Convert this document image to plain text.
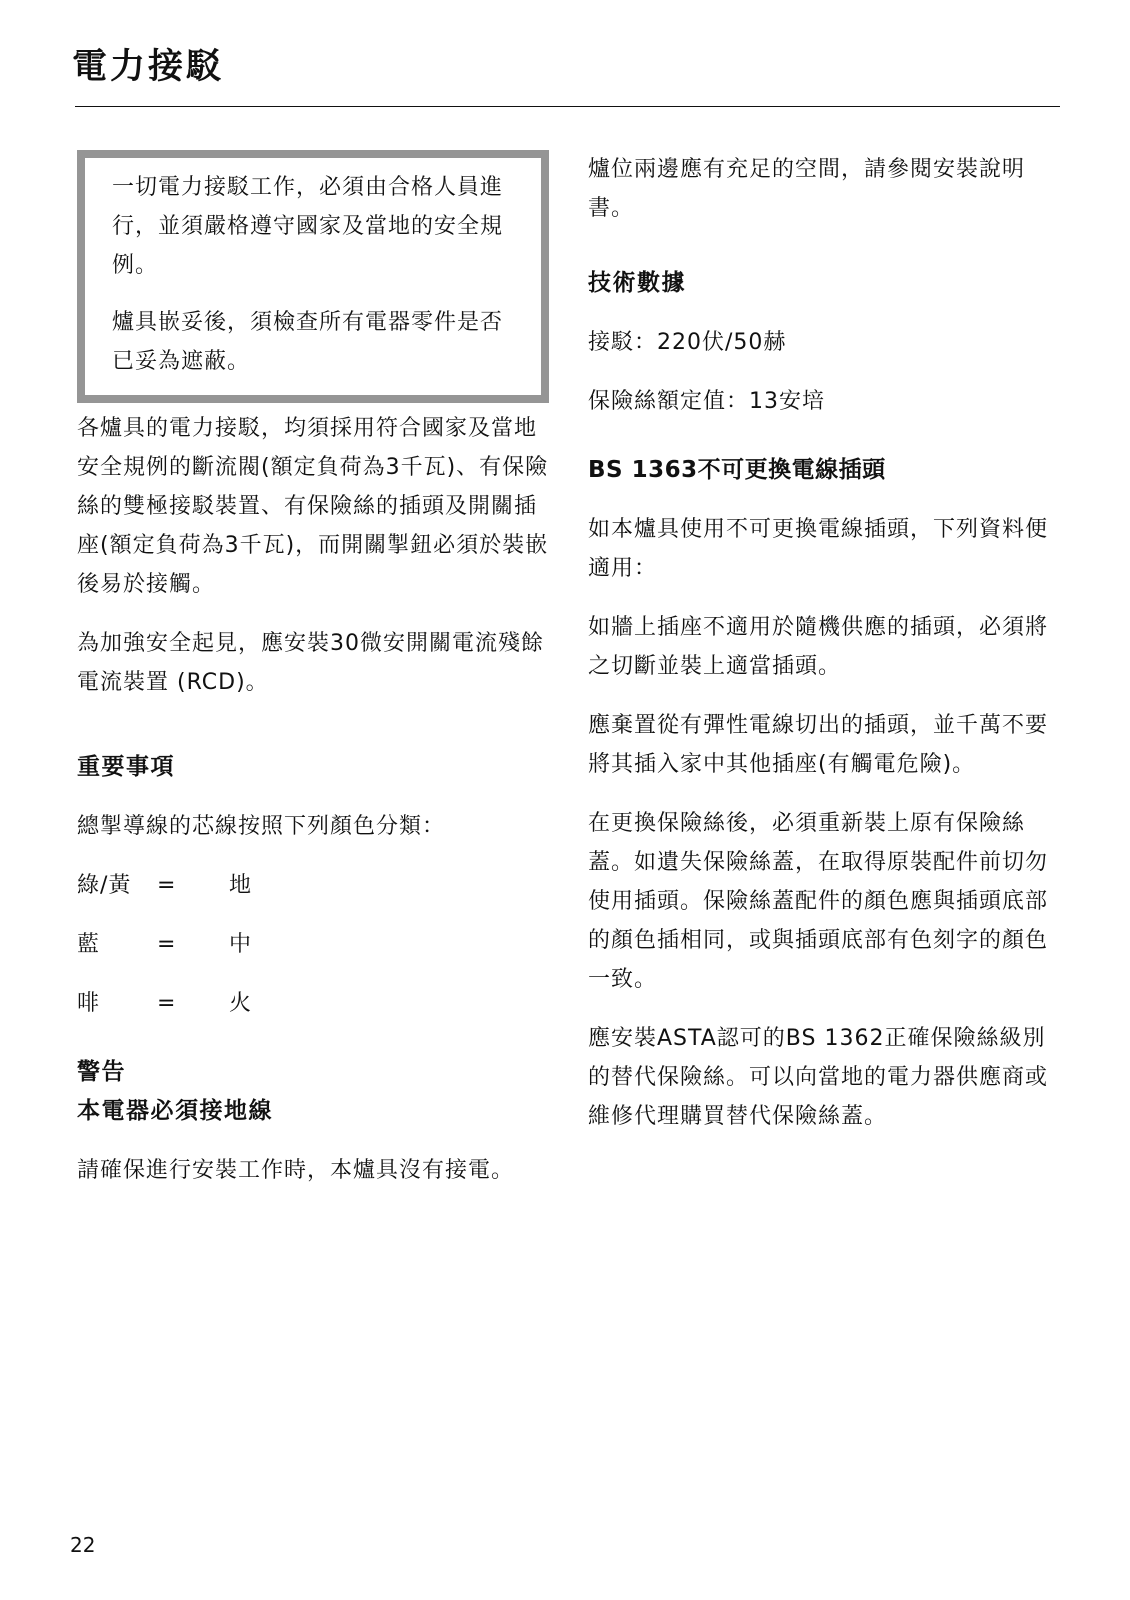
電力接駁

一切電力接駁工作，必須由合格人員進行，並須嚴格遵守國家及當地的安全規例。

爐具嵌妥後，須檢查所有電器零件是否已妥為遮蔽。

各爐具的電力接駁，均須採用符合國家及當地安全規例的斷流閥(額定負荷為3千瓦)、有保險絲的雙極接駁裝置、有保險絲的插頭及開關插座(額定負荷為3千瓦)，而開關掣鈕必須於裝嵌後易於接觸。

為加強安全起見，應安裝30微安開關電流殘餘電流裝置 (RCD)。

重要事項

總掣導線的芯線按照下列顏色分類：

綠/黃	=	地
藍	=	中
啡	=	火
警告
本電器必須接地線

請確保進行安裝工作時，本爐具沒有接電。

爐位兩邊應有充足的空間，請參閱安裝說明書。

技術數據

接駁：220伏/50赫

保險絲額定值：13安培

BS 1363不可更換電線插頭

如本爐具使用不可更換電線插頭，下列資料便適用：

如牆上插座不適用於隨機供應的插頭，必須將之切斷並裝上適當插頭。

應棄置從有彈性電線切出的插頭，並千萬不要將其插入家中其他插座(有觸電危險)。

在更換保險絲後，必須重新裝上原有保險絲蓋。如遺失保險絲蓋，在取得原裝配件前切勿使用插頭。保險絲蓋配件的顏色應與插頭底部的顏色插相同，或與插頭底部有色刻字的顏色一致。

應安裝ASTA認可的BS 1362正確保險絲級別的替代保險絲。可以向當地的電力器供應商或維修代理購買替代保險絲蓋。

22
